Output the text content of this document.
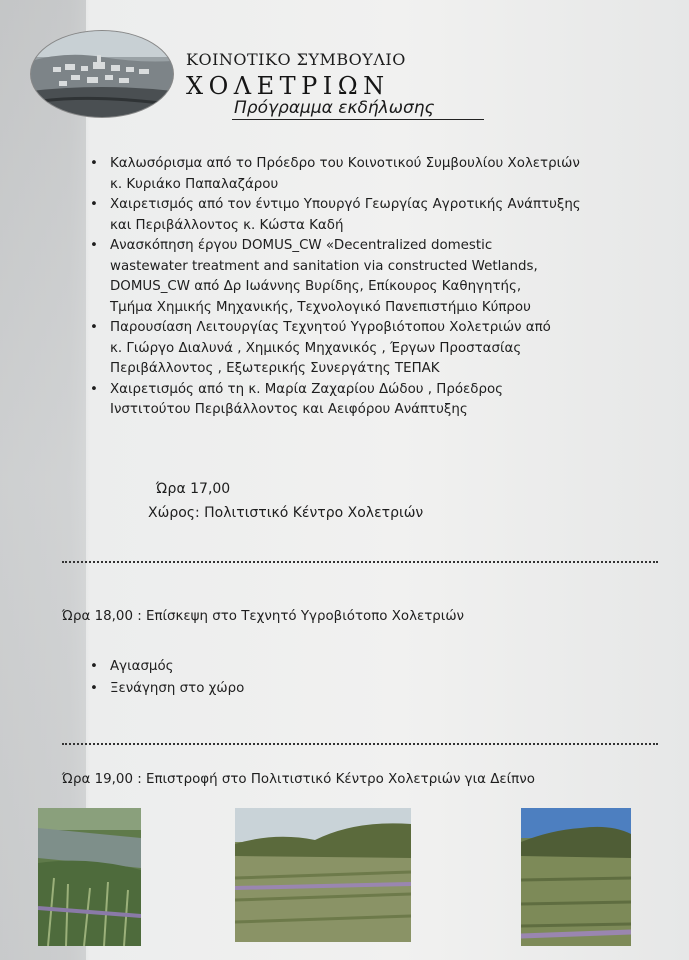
ΚΟΙΝΟΤΙΚΟ ΣΥΜΒΟΥΛΙΟ
ΧΟΛΕΤΡΙΩΝ
Πρόγραμμα εκδήλωσης
• Καλωσόρισμα από το Πρόεδρο του Κοινοτικού Συμβουλίου Χολετριών
κ. Κυριάκο Παπαλαζάρου
• Χαιρετισμός από τον έντιμο Υπουργό Γεωργίας Αγροτικής Ανάπτυξης
και Περιβάλλοντος κ. Κώστα Καδή
• Ανασκόπηση έργου DOMUS_CW «Decentralized domestic
wastewater treatment and sanitation via constructed Wetlands,
DOMUS_CW από Δρ Ιωάννης Βυρίδης, Επίκουρος Καθηγητής,
Τμήμα Χημικής Μηχανικής, Τεχνολογικό Πανεπιστήμιο Κύπρου
• Παρουσίαση Λειτουργίας Τεχνητού Υγροβιότοπου Χολετριών από
κ. Γιώργο Διαλυνά , Χημικός Μηχανικός , Έργων Προστασίας
Περιβάλλοντος , Εξωτερικής Συνεργάτης ΤΕΠΑΚ
• Χαιρετισμός από τη κ. Μαρία Ζαχαρίου Δώδου , Πρόεδρος
Ινστιτούτου Περιβάλλοντος και Αειφόρου Ανάπτυξης
Ώρα 17,00
Χώρος: Πολιτιστικό Κέντρο Χολετριών
Ώρα 18,00 : Επίσκεψη στο Τεχνητό Υγροβιότοπο Χολετριών
• Αγιασμός
• Ξενάγηση στο χώρο
Ώρα 19,00 : Επιστροφή στο Πολιτιστικό Κέντρο Χολετριών για Δείπνο
